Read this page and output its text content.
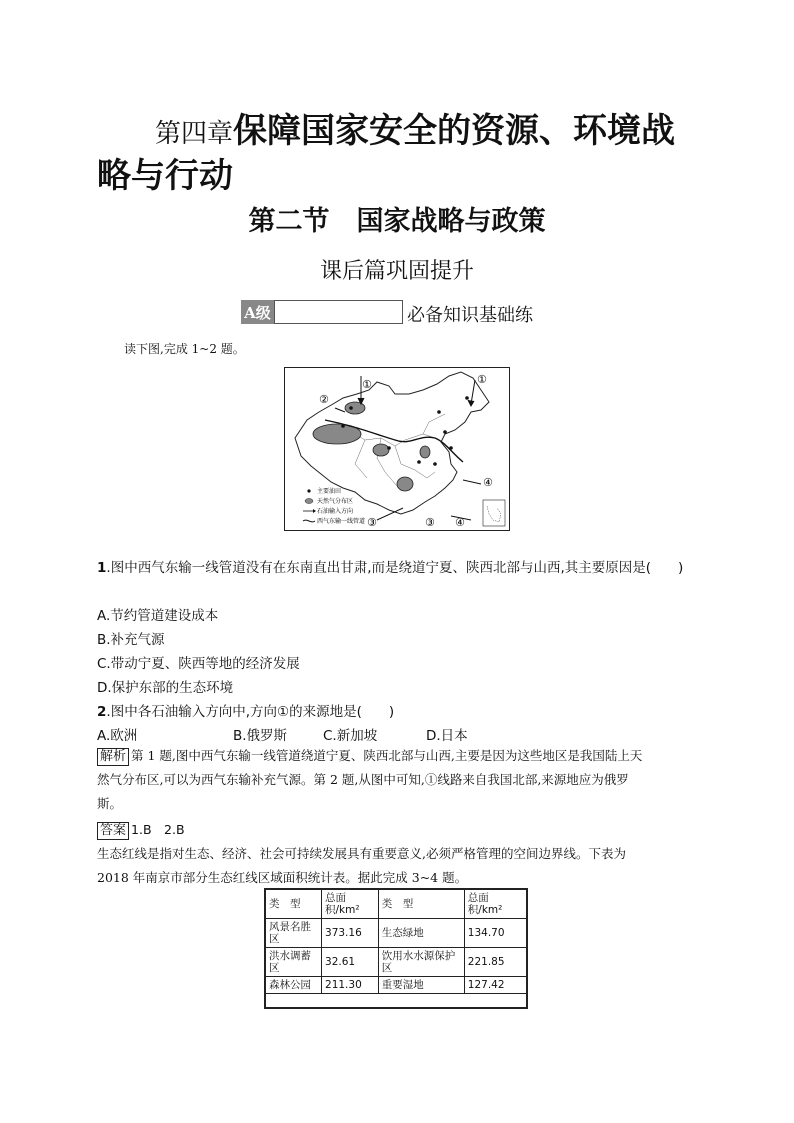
第四章保障国家安全的资源、环境战
略与行动
第二节　国家战略与政策
课后篇巩固提升
A级	必备知识基础练
读下图,完成 1~2 题。
①
②
①
④
③	④
③
主要油田
天然气分布区
石油输入方向
西气东输一线管道
1.图中西气东输一线管道没有在东南直出甘肃,而是绕道宁夏、陕西北部与山西,其主要原因是(　　)
A.节约管道建设成本
B.补充气源
C.带动宁夏、陕西等地的经济发展
D.保护东部的生态环境
2.图中各石油输入方向中,方向①的来源地是(　　)
A.欧洲	B.俄罗斯	C.新加坡	D.日本
解析 第 1 题,图中西气东输一线管道绕道宁夏、陕西北部与山西,主要是因为这些地区是我国陆上天
然气分布区,可以为西气东输补充气源。第 2 题,从图中可知,①线路来自我国北部,来源地应为俄罗
斯。
答案 1.B　2.B
生态红线是指对生态、经济、社会可持续发展具有重要意义,必须严格管理的空间边界线。下表为
2018 年南京市部分生态红线区域面积统计表。据此完成 3~4 题。
类　型	总面积/km²	类　型	总面积/km²
风景名胜区	373.16	生态绿地	134.70
洪水调蓄区	32.61	饮用水水源保护区	221.85
森林公园	211.30	重要湿地	127.42
